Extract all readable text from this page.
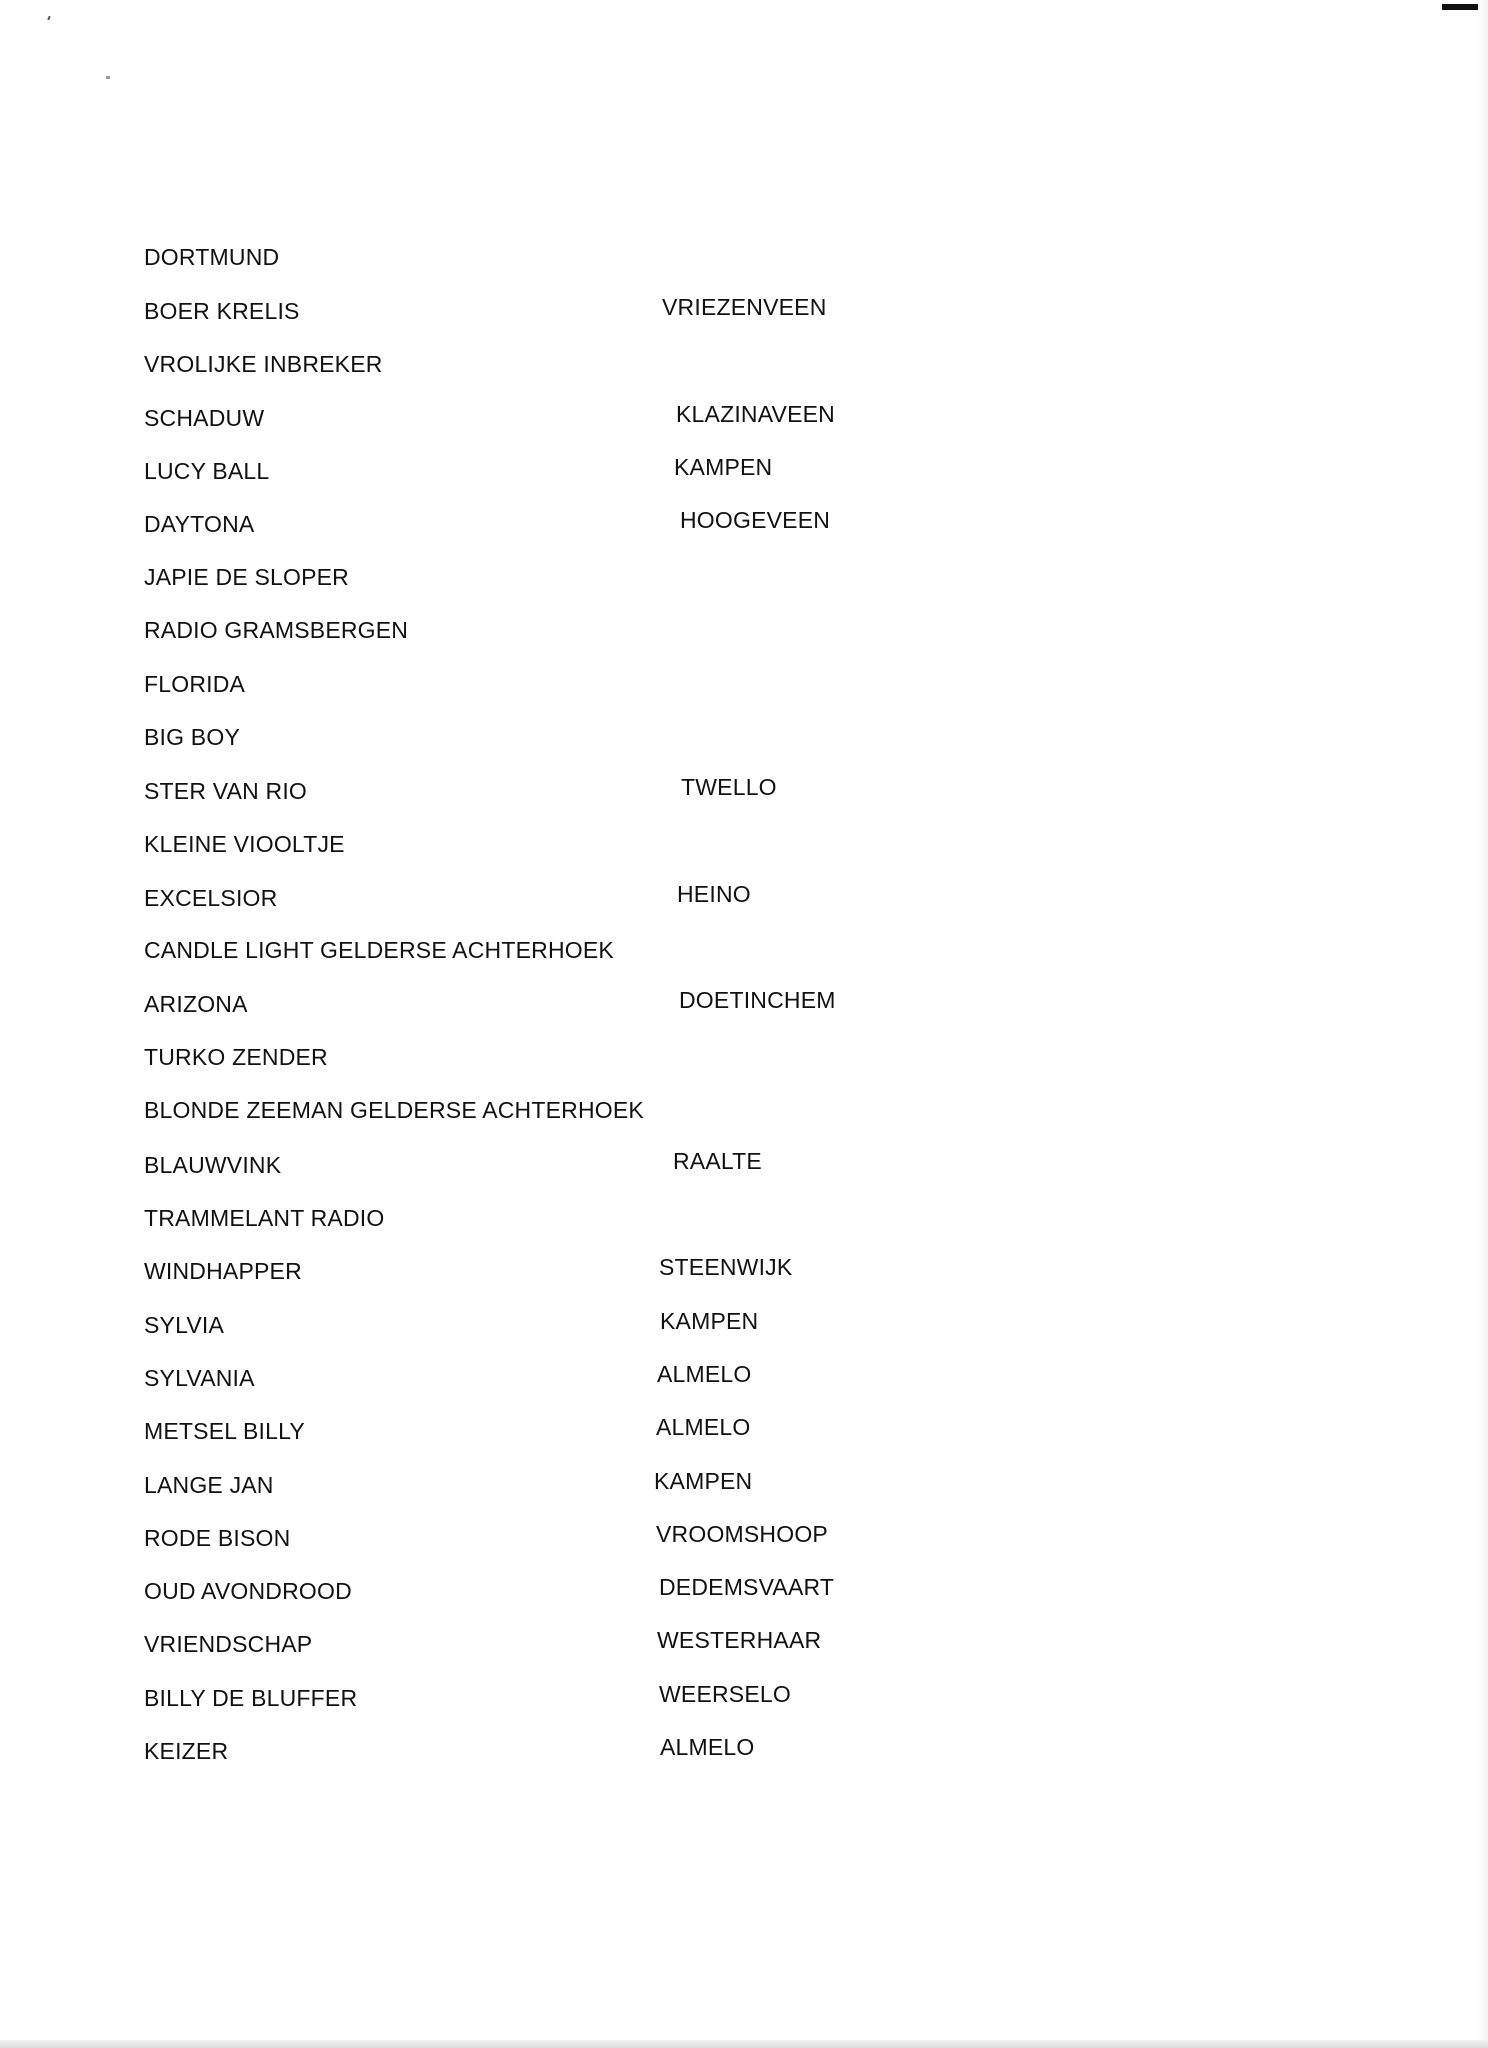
DORTMUND
BOER KRELIS	VRIEZENVEEN
VROLIJKE INBREKER
SCHADUW	KLAZINAVEEN
LUCY BALL	KAMPEN
DAYTONA	HOOGEVEEN
JAPIE DE SLOPER
RADIO GRAMSBERGEN
FLORIDA
BIG BOY
STER VAN RIO	TWELLO
KLEINE VIOOLTJE
EXCELSIOR	HEINO
CANDLE LIGHT GELDERSE ACHTERHOEK
ARIZONA	DOETINCHEM
TURKO ZENDER
BLONDE ZEEMAN GELDERSE ACHTERHOEK
BLAUWVINK	RAALTE
TRAMMELANT RADIO
WINDHAPPER	STEENWIJK
SYLVIA	KAMPEN
SYLVANIA	ALMELO
METSEL BILLY	ALMELO
LANGE JAN	KAMPEN
RODE BISON	VROOMSHOOP
OUD AVONDROOD	DEDEMSVAART
VRIENDSCHAP	WESTERHAAR
BILLY DE BLUFFER	WEERSELO
KEIZER	ALMELO
